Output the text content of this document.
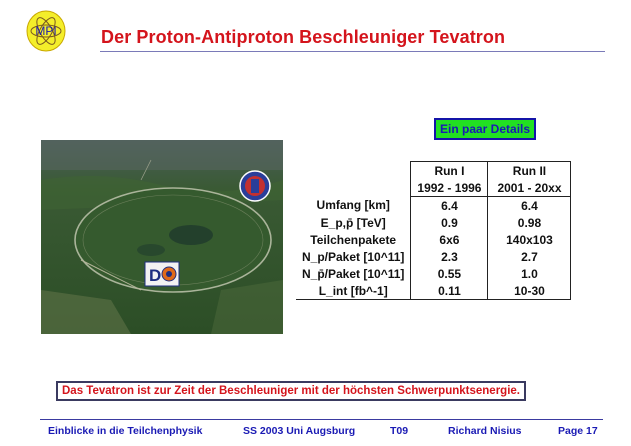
MPI Der Proton-Antiproton Beschleuniger Tevatron
Ein paar Details
D
	Run I	Run II
	1992 - 1996	2001 - 20xx
Umfang [km]	6.4	6.4
E_p,p̄ [TeV]	0.9	0.98
Teilchenpakete	6x6	140x103
N_p/Paket [10^11]	2.3	2.7
N_p̄/Paket [10^11]	0.55	1.0
L_int [fb^-1]	0.11	10-30
Das Tevatron ist zur Zeit der Beschleuniger mit der höchsten Schwerpunktsenergie.
Einblicke in die Teilchenphysik	SS 2003 Uni Augsburg	T09	Richard Nisius	Page 17
